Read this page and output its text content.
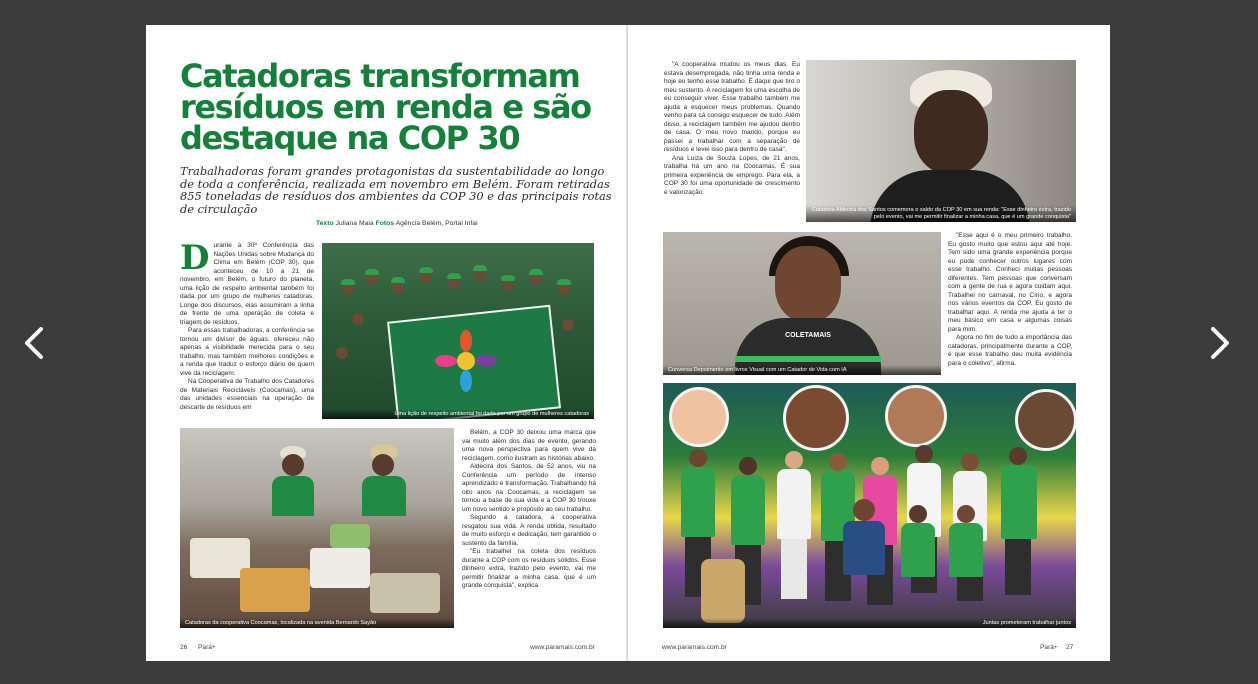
Catadoras transformam resíduos em renda e são destaque na COP 30

Trabalhadoras foram grandes protagonistas da sustentabilidade ao longo de toda a conferência, realizada em novembro em Belém. Foram retiradas 855 toneladas de resíduos dos ambientes da COP 30 e das principais rotas de circulação

Texto Juliana Maia Fotos Agência Belém, Portal Infai
D urante a 30ª Conferência das Nações Unidas sobre Mudança do Clima em Belém (COP 30), que aconteceu de 10 a 21 de novembro, em Belém, o futuro do planeta, uma lição de respeito ambiental também foi dada por um grupo de mulheres catadoras. Longe dos discursos, elas assumiram a linha de frente de uma operação de coleta e triagem de resíduos.

Para essas trabalhadoras, a conferência se tornou um divisor de águas: ofereceu não apenas a visibilidade merecida para o seu trabalho, mas também melhores condições e a renda que traduz o esforço diário de quem vive da reciclagem.

Na Cooperativa de Trabalho dos Catadores de Materiais Recicláveis (Coocamas), uma das unidades essenciais na operação de descarte de resíduos em

Uma lição de respeito ambiental foi dada por um grupo de mulheres catadoras
Catadoras da cooperativa Coocamas, localizada na avenida Bernardo Sayão

Belém, a COP 30 deixou uma marca que vai muito além dos dias de evento, gerando uma nova perspectiva para quem vive da reciclagem, como ilustram as histórias abaixo.

Aldecira dos Santos, de 52 anos, viu na Conferência um período de intenso aprendizado e transformação. Trabalhando há oito anos na Coocamas, a reciclagem se tornou a base de sua vida e a COP 30 trouxe um novo sentido e propósito ao seu trabalho.

Segundo a catadora, a cooperativa resgatou sua vida. A renda obtida, resultado de muito esforço e dedicação, tem garantido o sustento da família.

"Eu trabalhei na coleta dos resíduos durante a COP com os resíduos sólidos. Esse dinheiro extra, trazido pelo evento, vai me permitir finalizar a minha casa, que é um grande conquista", explica.

26 Pará+	www.paramais.com.br

"A cooperativa mudou os meus dias. Eu estava desempregada, não tinha uma renda e hoje eu tenho esse trabalho. É daqui que tiro o meu sustento. A reciclagem foi uma escolha de eu conseguir viver. Esse trabalho também me ajuda a esquecer meus problemas. Quando venho para cá consigo esquecer de tudo. Além disso, a reciclagem também me ajudou dentro de casa. O meu novo marido, porque eu passei a trabalhar com a separação de resíduos e levei isso para dentro de casa".

Ana Luiza de Souza Lopes, de 21 anos, trabalha há um ano na Coocamas. É sua primeira experiência de emprego. Para ela, a COP 30 foi uma oportunidade de crescimento e valorização.

Catadora Aldecira dos Santos comemora o saldo da COP 30 em sua renda: "Esse dinheiro extra, trazido pelo evento, vai me permitir finalizar a minha casa, que é um grande conquista"
COLETAMAIS
Conversa Depoimento em livros Visual com um Catador de Vida com IA

"Esse aqui é o meu primeiro trabalho. Eu gosto muito que estou aqui até hoje. Tem sido uma grande experiência porque eu pude conhecer outros lugares com esse trabalho. Conheci muitas pessoas diferentes. Tem pessoas que conversam com a gente de rua e agora cuidam aqui. Trabalhei no carnaval, no Círio, e agora nos vários eventos da COP. Eu gosto de trabalhar aqui. A renda me ajuda a ter o meu básico em casa e algumas coisas para mim.

Agora no fim de tudo a importância das catadoras, principalmente durante a COP, é que esse trabalho deu muita evidência para o coletivo", afirma.

Juntas prometeram trabalhar juntos
www.paramais.com.br	Pará+ 27
